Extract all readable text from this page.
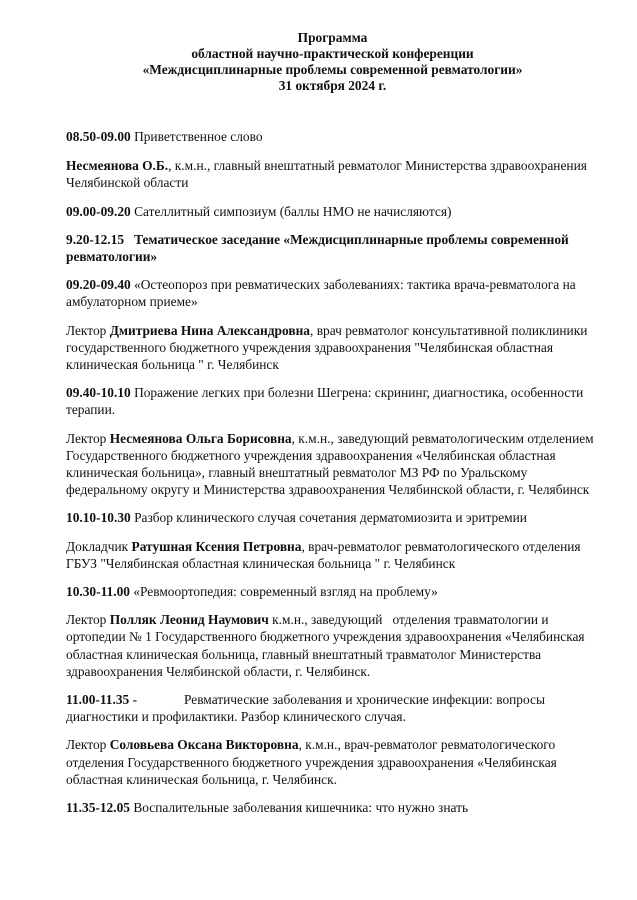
Программа
областной научно-практической конференции
«Междисциплинарные проблемы современной ревматологии»
31 октября 2024 г.
08.50-09.00 Приветственное слово
Несмеянова О.Б., к.м.н., главный внештатный ревматолог Министерства здравоохранения Челябинской области
09.00-09.20 Сателлитный симпозиум (баллы НМО не начисляются)
9.20-12.15   Тематическое заседание «Междисциплинарные проблемы современной ревматологии»
09.20-09.40 «Остеопороз при ревматических заболеваниях: тактика врача-ревматолога на амбулаторном приеме»
Лектор Дмитриева Нина Александровна, врач ревматолог консультативной поликлиники государственного бюджетного учреждения здравоохранения "Челябинская областная клиническая больница " г. Челябинск
09.40-10.10 Поражение легких при болезни Шегрена: скрининг, диагностика, особенности терапии.
Лектор Несмеянова Ольга Борисовна, к.м.н., заведующий ревматологическим отделением Государственного бюджетного учреждения здравоохранения «Челябинская областная клиническая больница», главный внештатный ревматолог МЗ РФ по Уральскому федеральному округу и Министерства здравоохранения Челябинской области, г. Челябинск
10.10-10.30 Разбор клинического случая сочетания дерматомиозита и эритремии
Докладчик Ратушная Ксения Петровна, врач-ревматолог ревматологического отделения ГБУЗ "Челябинская областная клиническая больница " г. Челябинск
10.30-11.00 «Ревмоортопедия: современный взгляд на проблему»
Лектор Полляк Леонид Наумович к.м.н., заведующий   отделения травматологии и ортопедии № 1 Государственного бюджетного учреждения здравоохранения «Челябинская областная клиническая больница, главный внештатный травматолог Министерства здравоохранения Челябинской области, г. Челябинск.
11.00-11.35 -	Ревматические заболевания и хронические инфекции: вопросы диагностики и профилактики. Разбор клинического случая.
Лектор Соловьева Оксана Викторовна, к.м.н., врач-ревматолог ревматологического отделения Государственного бюджетного учреждения здравоохранения «Челябинская областная клиническая больница, г. Челябинск.
11.35-12.05 Воспалительные заболевания кишечника: что нужно знать
